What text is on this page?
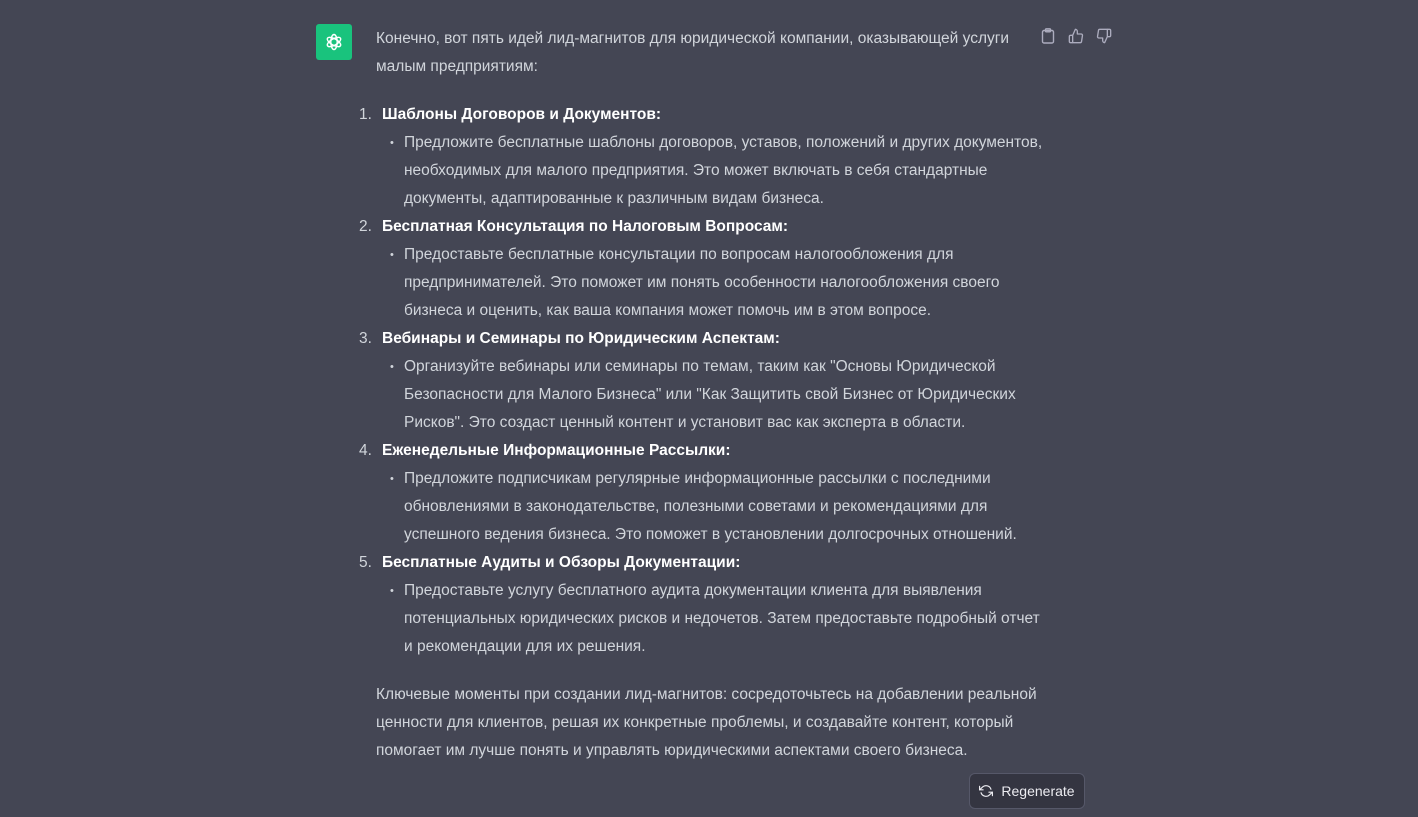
Конечно, вот пять идей лид-магнитов для юридической компании, оказывающей услуги малым предприятиям:

1. Шаблоны Договоров и Документов:
• Предложите бесплатные шаблоны договоров, уставов, положений и других документов, необходимых для малого предприятия. Это может включать в себя стандартные документы, адаптированные к различным видам бизнеса.
2. Бесплатная Консультация по Налоговым Вопросам:
• Предоставьте бесплатные консультации по вопросам налогообложения для предпринимателей. Это поможет им понять особенности налогообложения своего бизнеса и оценить, как ваша компания может помочь им в этом вопросе.
3. Вебинары и Семинары по Юридическим Аспектам:
• Организуйте вебинары или семинары по темам, таким как "Основы Юридической Безопасности для Малого Бизнеса" или "Как Защитить свой Бизнес от Юридических Рисков". Это создаст ценный контент и установит вас как эксперта в области.
4. Еженедельные Информационные Рассылки:
• Предложите подписчикам регулярные информационные рассылки с последними обновлениями в законодательстве, полезными советами и рекомендациями для успешного ведения бизнеса. Это поможет в установлении долгосрочных отношений.
5. Бесплатные Аудиты и Обзоры Документации:
• Предоставьте услугу бесплатного аудита документации клиента для выявления потенциальных юридических рисков и недочетов. Затем предоставьте подробный отчет и рекомендации для их решения.

Ключевые моменты при создании лид-магнитов: сосредоточьтесь на добавлении реальной ценности для клиентов, решая их конкретные проблемы, и создавайте контент, который помогает им лучше понять и управлять юридическими аспектами своего бизнеса.

Regenerate
